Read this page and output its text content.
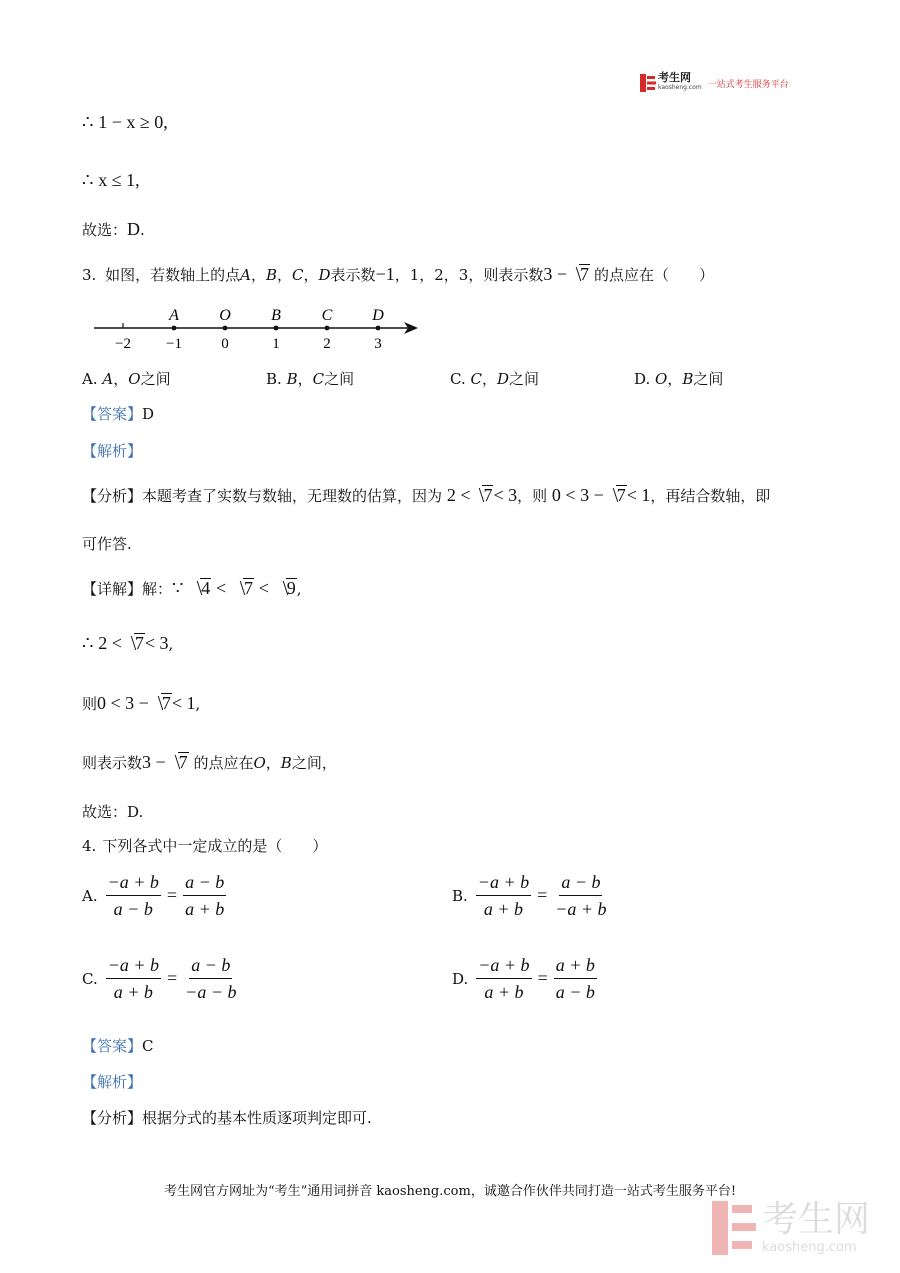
考生网
kaosheng.com 一站式考生服务平台
∴ 1 − x ≥ 0,
∴ x ≤ 1,
故选：D.
3. 如图，若数轴上的点A，B，C，D表示数−1，1，2，3，则表示数3 − 7 的点应在（　　）
−2 −1	0	1	2	3
A	O	B	C D
A. A，O之间	B. B，C之间	C. C，D之间	D. O，B之间
【答案】D
【解析】
【分析】本题考查了实数与数轴，无理数的估算，因为 2 < 7< 3，则 0 < 3 − 7< 1，再结合数轴，即
可作答.
【详解】解：∵ 4 < 7 < 9,
∴ 2 < 7< 3,
则0 < 3 − 7< 1,
则表示数3 − 7 的点应在O，B之间，
故选：D.
4. 下列各式中一定成立的是（　　）
A. $\frac{-a + b}{a - b} = \frac{a - b}{a + b}$	B. $\frac{-a + b}{a + b} = \frac{a - b}{-a + b}$
C. $\frac{-a + b}{a + b} = \frac{a - b}{-a - b}$	D. $\frac{-a + b}{a + b} = \frac{a + b}{a - b}$
【答案】C
【解析】
【分析】根据分式的基本性质逐项判定即可.
考生网官方网址为“考生”通用词拼音 kaosheng.com，诚邀合作伙伴共同打造一站式考生服务平台!
考生网
kaosheng.com
